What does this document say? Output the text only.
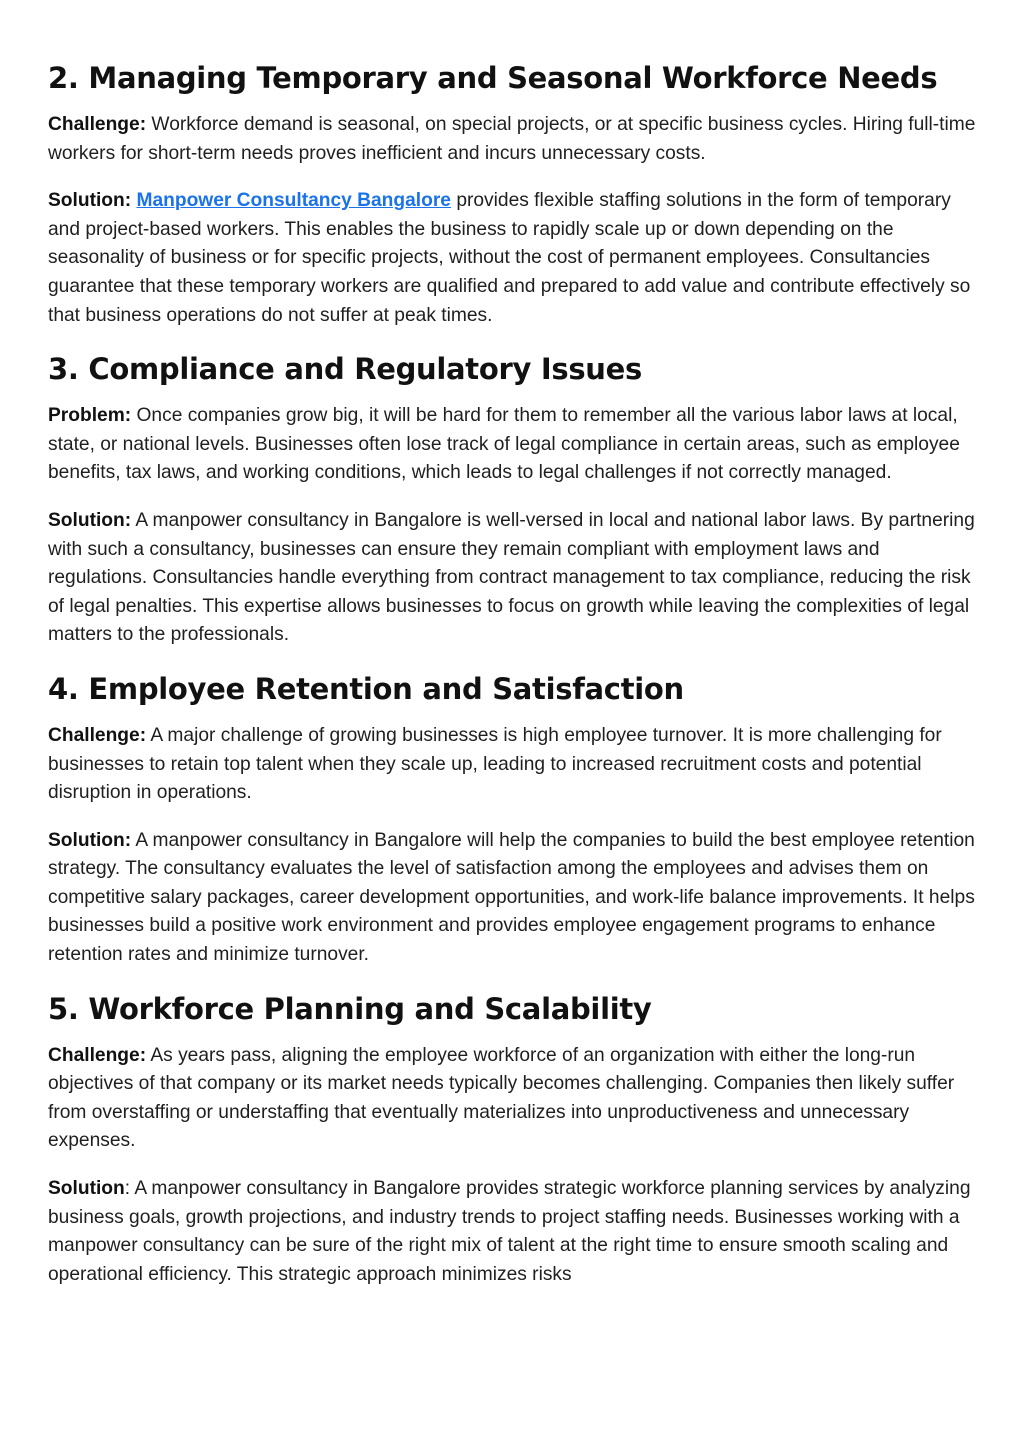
2. Managing Temporary and Seasonal Workforce Needs

Challenge: Workforce demand is seasonal, on special projects, or at specific business cycles. Hiring full-time workers for short-term needs proves inefficient and incurs unnecessary costs.

Solution: Manpower Consultancy Bangalore provides flexible staffing solutions in the form of temporary and project-based workers. This enables the business to rapidly scale up or down depending on the seasonality of business or for specific projects, without the cost of permanent employees. Consultancies guarantee that these temporary workers are qualified and prepared to add value and contribute effectively so that business operations do not suffer at peak times.

3. Compliance and Regulatory Issues

Problem: Once companies grow big, it will be hard for them to remember all the various labor laws at local, state, or national levels. Businesses often lose track of legal compliance in certain areas, such as employee benefits, tax laws, and working conditions, which leads to legal challenges if not correctly managed.

Solution: A manpower consultancy in Bangalore is well-versed in local and national labor laws. By partnering with such a consultancy, businesses can ensure they remain compliant with employment laws and regulations. Consultancies handle everything from contract management to tax compliance, reducing the risk of legal penalties. This expertise allows businesses to focus on growth while leaving the complexities of legal matters to the professionals.

4. Employee Retention and Satisfaction

Challenge: A major challenge of growing businesses is high employee turnover. It is more challenging for businesses to retain top talent when they scale up, leading to increased recruitment costs and potential disruption in operations.

Solution: A manpower consultancy in Bangalore will help the companies to build the best employee retention strategy. The consultancy evaluates the level of satisfaction among the employees and advises them on competitive salary packages, career development opportunities, and work-life balance improvements. It helps businesses build a positive work environment and provides employee engagement programs to enhance retention rates and minimize turnover.

5. Workforce Planning and Scalability

Challenge: As years pass, aligning the employee workforce of an organization with either the long-run objectives of that company or its market needs typically becomes challenging. Companies then likely suffer from overstaffing or understaffing that eventually materializes into unproductiveness and unnecessary expenses.

Solution: A manpower consultancy in Bangalore provides strategic workforce planning services by analyzing business goals, growth projections, and industry trends to project staffing needs. Businesses working with a manpower consultancy can be sure of the right mix of talent at the right time to ensure smooth scaling and operational efficiency. This strategic approach minimizes risks
